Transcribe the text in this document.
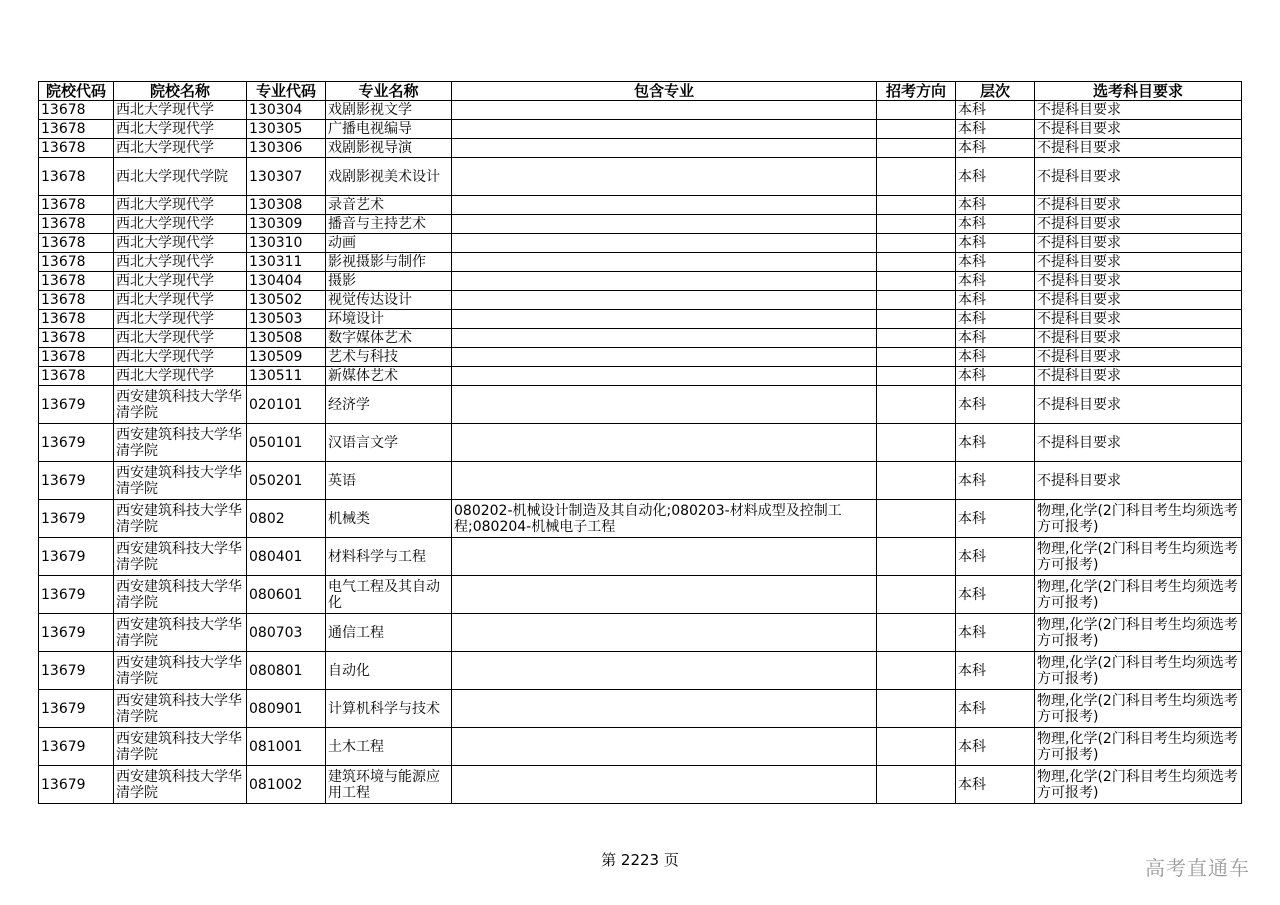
院校代码	院校名称	专业代码	专业名称	包含专业	招考方向	层次	选考科目要求
13678	西北大学现代学	130304	戏剧影视文学			本科	不提科目要求
13678	西北大学现代学	130305	广播电视编导			本科	不提科目要求
13678	西北大学现代学	130306	戏剧影视导演			本科	不提科目要求
13678	西北大学现代学院	130307	戏剧影视美术设计			本科	不提科目要求
13678	西北大学现代学	130308	录音艺术			本科	不提科目要求
13678	西北大学现代学	130309	播音与主持艺术			本科	不提科目要求
13678	西北大学现代学	130310	动画			本科	不提科目要求
13678	西北大学现代学	130311	影视摄影与制作			本科	不提科目要求
13678	西北大学现代学	130404	摄影			本科	不提科目要求
13678	西北大学现代学	130502	视觉传达设计			本科	不提科目要求
13678	西北大学现代学	130503	环境设计			本科	不提科目要求
13678	西北大学现代学	130508	数字媒体艺术			本科	不提科目要求
13678	西北大学现代学	130509	艺术与科技			本科	不提科目要求
13678	西北大学现代学	130511	新媒体艺术			本科	不提科目要求
13679	西安建筑科技大学华清学院	020101	经济学			本科	不提科目要求
13679	西安建筑科技大学华清学院	050101	汉语言文学			本科	不提科目要求
13679	西安建筑科技大学华清学院	050201	英语			本科	不提科目要求
13679	西安建筑科技大学华清学院	0802	机械类	080202-机械设计制造及其自动化;080203-材料成型及控制工程;080204-机械电子工程		本科	物理,化学(2门科目考生均须选考方可报考)
13679	西安建筑科技大学华清学院	080401	材料科学与工程			本科	物理,化学(2门科目考生均须选考方可报考)
13679	西安建筑科技大学华清学院	080601	电气工程及其自动化			本科	物理,化学(2门科目考生均须选考方可报考)
13679	西安建筑科技大学华清学院	080703	通信工程			本科	物理,化学(2门科目考生均须选考方可报考)
13679	西安建筑科技大学华清学院	080801	自动化			本科	物理,化学(2门科目考生均须选考方可报考)
13679	西安建筑科技大学华清学院	080901	计算机科学与技术			本科	物理,化学(2门科目考生均须选考方可报考)
13679	西安建筑科技大学华清学院	081001	土木工程			本科	物理,化学(2门科目考生均须选考方可报考)
13679	西安建筑科技大学华清学院	081002	建筑环境与能源应用工程			本科	物理,化学(2门科目考生均须选考方可报考)
第 2223 页	高考直通车
